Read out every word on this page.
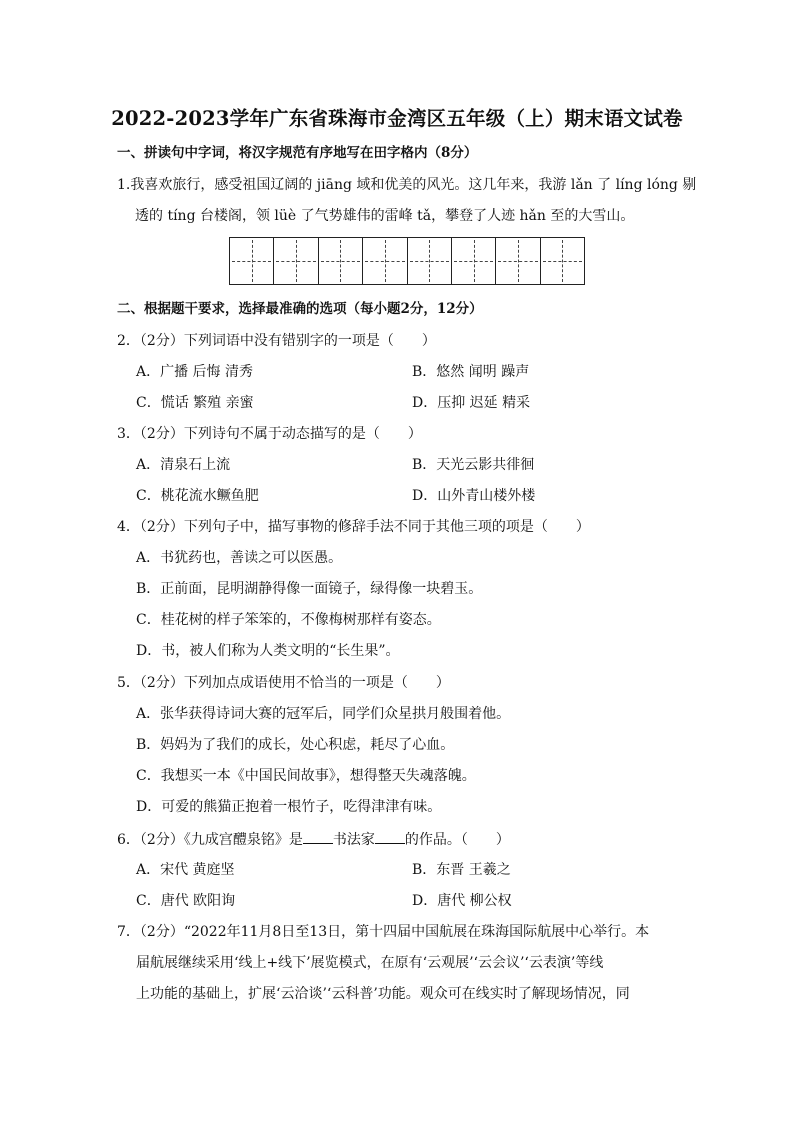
2022-2023学年广东省珠海市金湾区五年级（上）期末语文试卷
一、拼读句中字词，将汉字规范有序地写在田字格内（8分）
1.我喜欢旅行，感受祖国辽阔的 jiāng 域和优美的风光。这几年来，我游 lǎn 了 líng lóng 剔
透的 tíng 台楼阁，领 lüè 了气势雄伟的雷峰 tǎ，攀登了人迹 hǎn 至的大雪山。
二、根据题干要求，选择最准确的选项（每小题2分，12分）
2．（2分）下列词语中没有错别字的一项是（　　）
A．广播 后悔 清秀	B．悠然 闻明 躁声
C．慌话 繁殖 亲蜜	D．压抑 迟延 精采
3．（2分）下列诗句不属于动态描写的是（　　）
A．清泉石上流	B．天光云影共徘徊
C．桃花流水鳜鱼肥	D．山外青山楼外楼
4．（2分）下列句子中，描写事物的修辞手法不同于其他三项的项是（　　）
A．书犹药也，善读之可以医愚。
B．正前面，昆明湖静得像一面镜子，绿得像一块碧玉。
C．桂花树的样子笨笨的，不像梅树那样有姿态。
D．书，被人们称为人类文明的“长生果”。
5．（2分）下列加点成语使用不恰当的一项是（　　）
A．张华获得诗词大赛的冠军后，同学们众星拱月般围着他。
B．妈妈为了我们的成长，处心积虑，耗尽了心血。
C．我想买一本《中国民间故事》，想得整天失魂落魄。
D．可爱的熊猫正抱着一根竹子，吃得津津有味。
6．（2分）《九成宫醴泉铭》是 书法家 的作品。（　　）
A．宋代 黄庭坚	B．东晋 王羲之
C．唐代 欧阳询	D．唐代 柳公权
7．（2分）“2022年11月8日至13日，第十四届中国航展在珠海国际航展中心举行。本
届航展继续采用‘线上+线下’展览模式，在原有‘云观展’‘云会议’‘云表演’等线
上功能的基础上，扩展‘云洽谈’‘云科普’功能。观众可在线实时了解现场情况，同
